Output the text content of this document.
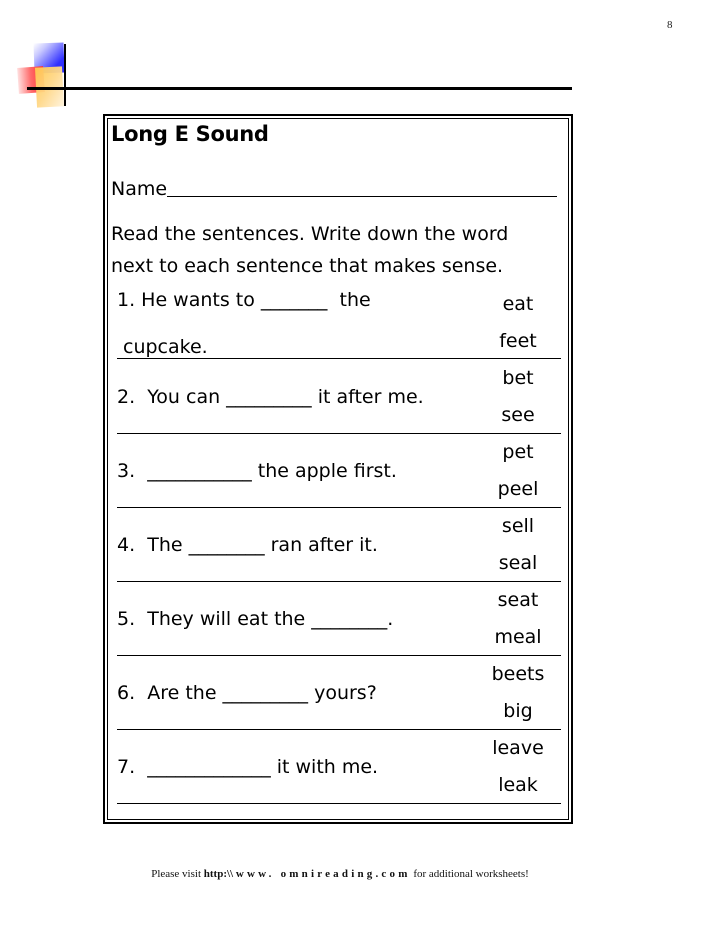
8
Long E Sound
Name
Read the sentences. Write down the word
next to each sentence that makes sense.
1. He wants to _______  the
cupcake.
eat
feet
2.  You can _________ it after me.
bet
see
3.  ___________ the apple first.
pet
peel
4.  The ________ ran after it.
sell
seal
5.  They will eat the ________.
seat
meal
6.  Are the _________ yours?
beets
big
7.  _____________ it with me.
leave
leak
Please visit http:\\ www. omnireading.com for additional worksheets!
